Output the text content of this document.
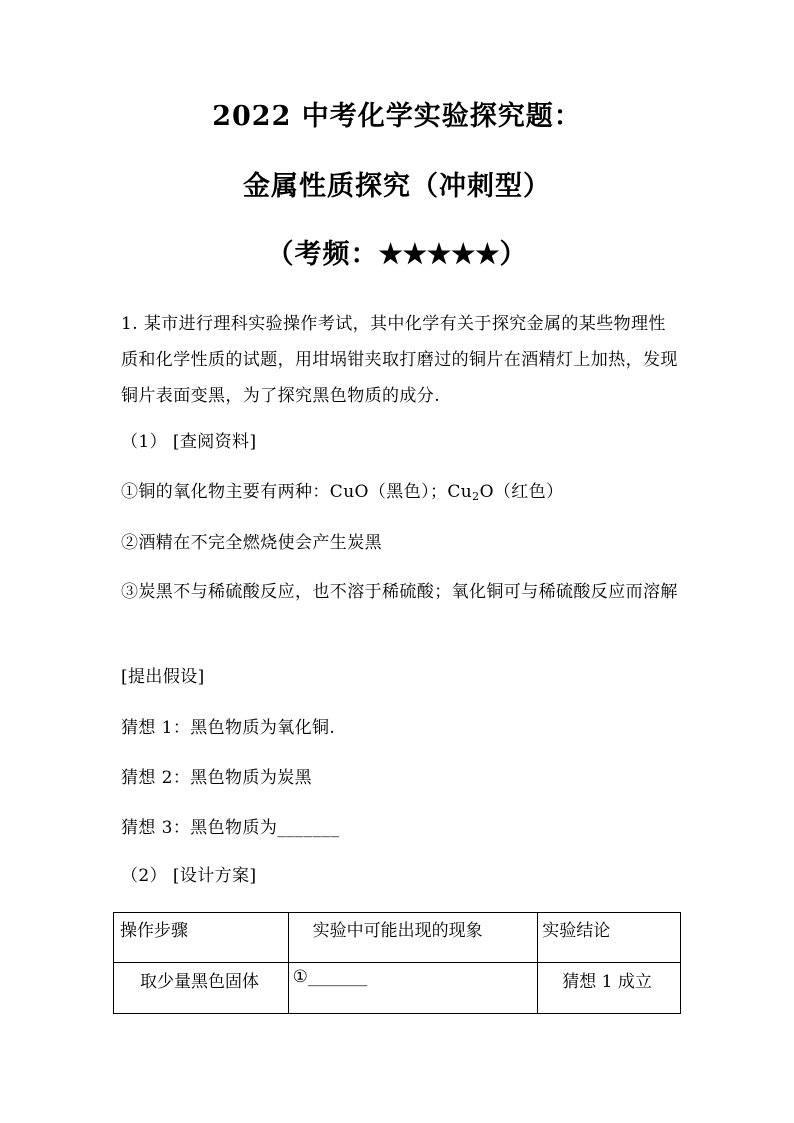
2022 中考化学实验探究题：
金属性质探究（冲刺型）
（考频：★★★★★）
1. 某市进行理科实验操作考试，其中化学有关于探究金属的某些物理性质和化学性质的试题，用坩埚钳夹取打磨过的铜片在酒精灯上加热，发现铜片表面变黑，为了探究黑色物质的成分.
（1） [查阅资料]
①铜的氧化物主要有两种：CuO（黑色）；$Cu_2O$（红色）
②酒精在不完全燃烧使会产生炭黑
③炭黑不与稀硫酸反应，也不溶于稀硫酸；氧化铜可与稀硫酸反应而溶解
[提出假设]
猜想 1：黑色物质为氧化铜.
猜想 2：黑色物质为炭黑
猜想 3：黑色物质为_______
（2） [设计方案]
操作步骤	实验中可能出现的现象	实验结论
取少量黑色固体	①_______	猜想 1 成立
